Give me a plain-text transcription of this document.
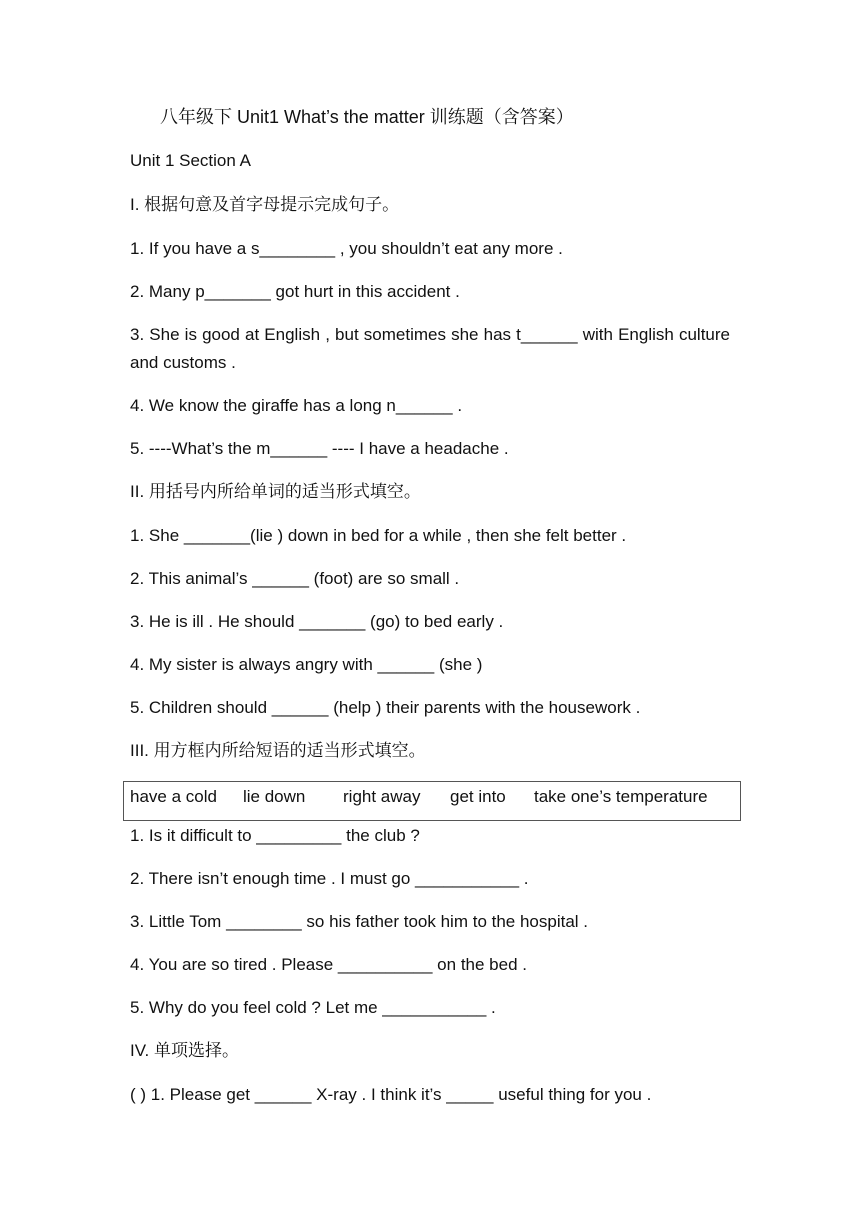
八年级下 Unit1 What’s the matter 训练题（含答案）
Unit 1 Section A
I. 根据句意及首字母提示完成句子。
1. If you have a s________ , you shouldn’t eat any more .
2. Many p_______ got hurt in this accident .
3. She is good at English , but sometimes she has t______ with English culture and customs .
4. We know the giraffe has a long n______ .
5. ----What’s the m______ ---- I have a headache .
II. 用括号内所给单词的适当形式填空。
1. She _______(lie ) down in bed for a while , then she felt better .
2. This animal’s ______ (foot) are so small .
3. He is ill . He should _______ (go) to bed early .
4. My sister is always angry with ______ (she )
5. Children should ______ (help ) their parents with the housework .
III. 用方框内所给短语的适当形式填空。
have a cold lie down right away get into take one’s temperature
1. Is it difficult to _________ the club ?
2. There isn’t enough time . I must go ___________ .
3. Little Tom ________ so his father took him to the hospital .
4. You are so tired . Please __________ on the bed .
5. Why do you feel cold ? Let me ___________ .
IV. 单项选择。
( ) 1. Please get ______ X-ray . I think it’s _____ useful thing for you .
